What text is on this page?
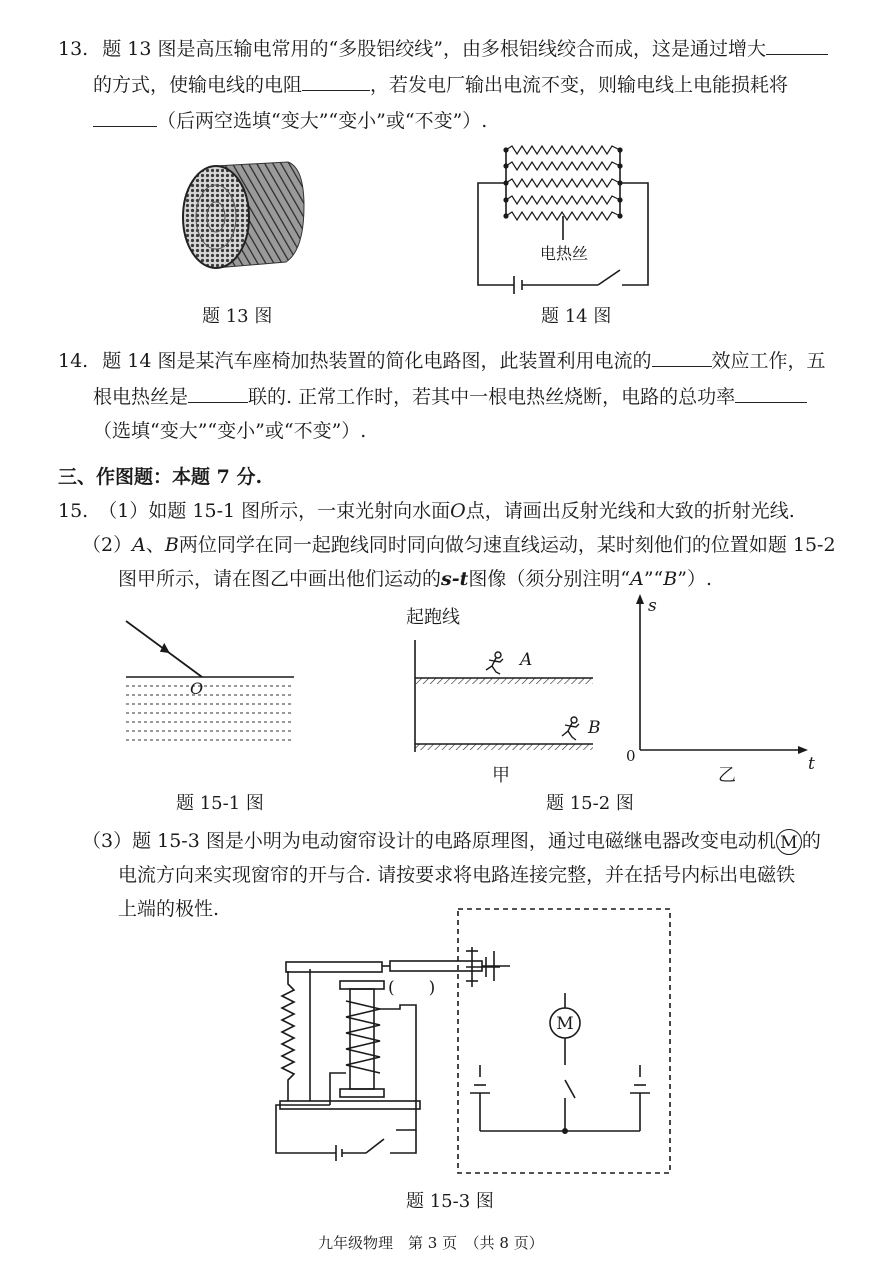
13. 题 13 图是高压输电常用的“多股铝绞线”，由多根铝线绞合而成，这是通过增大
的方式，使输电线的电阻	，若发电厂输出电流不变，则输电线上电能损耗将
（后两空选填“变大”“变小”或“不变”）.
题 13 图
电热丝
题 14 图
14. 题 14 图是某汽车座椅加热装置的简化电路图，此装置利用电流的	效应工作，五
根电热丝是	联的. 正常工作时，若其中一根电热丝烧断，电路的总功率
（选填“变大”“变小”或“不变”）.
三、作图题：本题 7 分.
15. （1）如题 15-1 图所示，一束光射向水面O点，请画出反射光线和大致的折射光线.
（2）A、B两位同学在同一起跑线同时同向做匀速直线运动，某时刻他们的位置如题 15-2
图甲所示，请在图乙中画出他们运动的s-t图像（须分别注明“A”“B”）.
O
题 15-1 图
起跑线
A
B
甲
s
t
0
乙
题 15-2 图
（3）题 15-3 图是小明为电动窗帘设计的电路原理图，通过电磁继电器改变电动机 M 的
电流方向来实现窗帘的开与合. 请按要求将电路连接完整，并在括号内标出电磁铁
上端的极性.
M
(　　)
题 15-3 图
九年级物理　第 3 页　（共 8 页）
